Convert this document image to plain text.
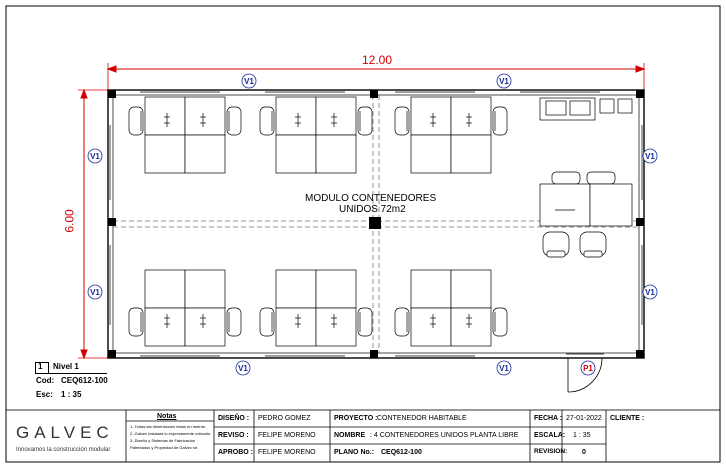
V1	V1
V1	V1
V1	V1
V1	V1	P1
12.00
6.00
MODULO CONTENEDORES
UNIDOS 72m2
1 Nivel 1
Cod: CEQ612-100
Esc: 1 : 35
GALVEC
Innovamos la construcción modular
Notas
1.-Todas las dimensiones estan en metros.
2.-Galvec instalara lo expresamente cotizado.
3.-Diseño y Sistemas de Fabricacion
Patentados y Propiedad de Galvec srl.
DISEÑO : PEDRO GOMEZ
REVISO : FELIPE MORENO
APROBO : FELIPE MORENO
PROYECTO : CONTENEDOR HABITABLE
NOMBRE : 4 CONTENEDORES UNIDOS PLANTA LIBRE
PLANO No.: CEQ612-100
FECHA : 27-01-2022
ESCALA: 1 : 35
REVISION: 0
CLIENTE :
